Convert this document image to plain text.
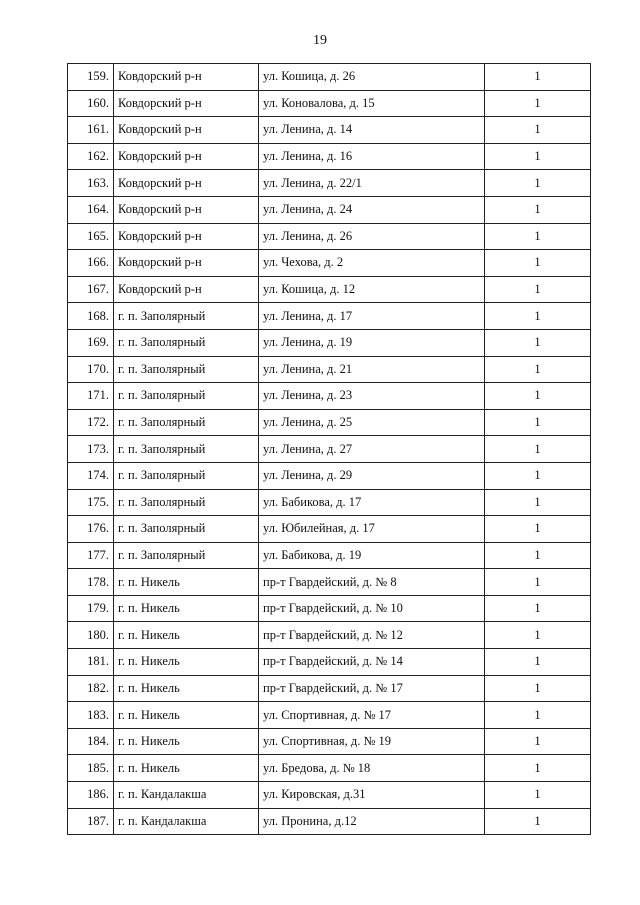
19
159.	Ковдорский р-н	ул. Кошица, д. 26	1
160.	Ковдорский р-н	ул. Коновалова, д. 15	1
161.	Ковдорский р-н	ул. Ленина, д. 14	1
162.	Ковдорский р-н	ул. Ленина, д. 16	1
163.	Ковдорский р-н	ул. Ленина, д. 22/1	1
164.	Ковдорский р-н	ул. Ленина, д. 24	1
165.	Ковдорский р-н	ул. Ленина, д. 26	1
166.	Ковдорский р-н	ул. Чехова, д. 2	1
167.	Ковдорский р-н	ул. Кошица, д. 12	1
168.	г. п. Заполярный	ул. Ленина, д. 17	1
169.	г. п. Заполярный	ул. Ленина, д. 19	1
170.	г. п. Заполярный	ул. Ленина, д. 21	1
171.	г. п. Заполярный	ул. Ленина, д. 23	1
172.	г. п. Заполярный	ул. Ленина, д. 25	1
173.	г. п. Заполярный	ул. Ленина, д. 27	1
174.	г. п. Заполярный	ул. Ленина, д. 29	1
175.	г. п. Заполярный	ул. Бабикова, д. 17	1
176.	г. п. Заполярный	ул. Юбилейная, д. 17	1
177.	г. п. Заполярный	ул. Бабикова, д. 19	1
178.	г. п. Никель	пр-т Гвардейский, д. № 8	1
179.	г. п. Никель	пр-т Гвардейский, д. № 10	1
180.	г. п. Никель	пр-т Гвардейский, д. № 12	1
181.	г. п. Никель	пр-т Гвардейский, д. № 14	1
182.	г. п. Никель	пр-т Гвардейский, д. № 17	1
183.	г. п. Никель	ул. Спортивная, д. № 17	1
184.	г. п. Никель	ул. Спортивная, д. № 19	1
185.	г. п. Никель	ул. Бредова, д. № 18	1
186.	г. п. Кандалакша	ул. Кировская, д.31	1
187.	г. п. Кандалакша	ул. Пронина, д.12	1
